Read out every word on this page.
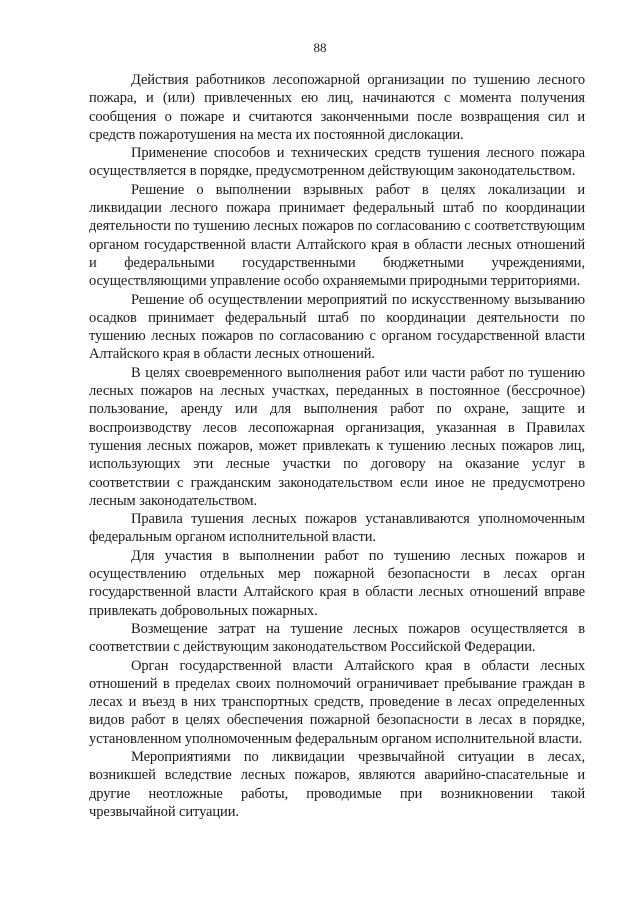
88

Действия работников лесопожарной организации по тушению лесного пожара, и (или) привлеченных ею лиц, начинаются с момента получения сообщения о пожаре и считаются законченными после возвращения сил и средств пожаротушения на места их постоянной дислокации.

Применение способов и технических средств тушения лесного пожара осуществляется в порядке, предусмотренном действующим законодательством.

Решение о выполнении взрывных работ в целях локализации и ликвидации лесного пожара принимает федеральный штаб по координации деятельности по тушению лесных пожаров по согласованию с соответствующим органом государственной власти Алтайского края в области лесных отношений и федеральными государственными бюджетными учреждениями, осуществляющими управление особо охраняемыми природными территориями.

Решение об осуществлении мероприятий по искусственному вызыванию осадков принимает федеральный штаб по координации деятельности по тушению лесных пожаров по согласованию с органом государственной власти Алтайского края в области лесных отношений.

В целях своевременного выполнения работ или части работ по тушению лесных пожаров на лесных участках, переданных в постоянное (бессрочное) пользование, аренду или для выполнения работ по охране, защите и воспроизводству лесов лесопожарная организация, указанная в Правилах тушения лесных пожаров, может привлекать к тушению лесных пожаров лиц, использующих эти лесные участки по договору на оказание услуг в соответствии с гражданским законодательством если иное не предусмотрено лесным законодательством.

Правила тушения лесных пожаров устанавливаются уполномоченным федеральным органом исполнительной власти.

Для участия в выполнении работ по тушению лесных пожаров и осуществлению отдельных мер пожарной безопасности в лесах орган государственной власти Алтайского края в области лесных отношений вправе привлекать добровольных пожарных.

Возмещение затрат на тушение лесных пожаров осуществляется в соответствии с действующим законодательством Российской Федерации.

Орган государственной власти Алтайского края в области лесных отношений в пределах своих полномочий ограничивает пребывание граждан в лесах и въезд в них транспортных средств, проведение в лесах определенных видов работ в целях обеспечения пожарной безопасности в лесах в порядке, установленном уполномоченным федеральным органом исполнительной власти.

Мероприятиями по ликвидации чрезвычайной ситуации в лесах, возникшей вследствие лесных пожаров, являются аварийно-спасательные и другие неотложные работы, проводимые при возникновении такой чрезвычайной ситуации.
